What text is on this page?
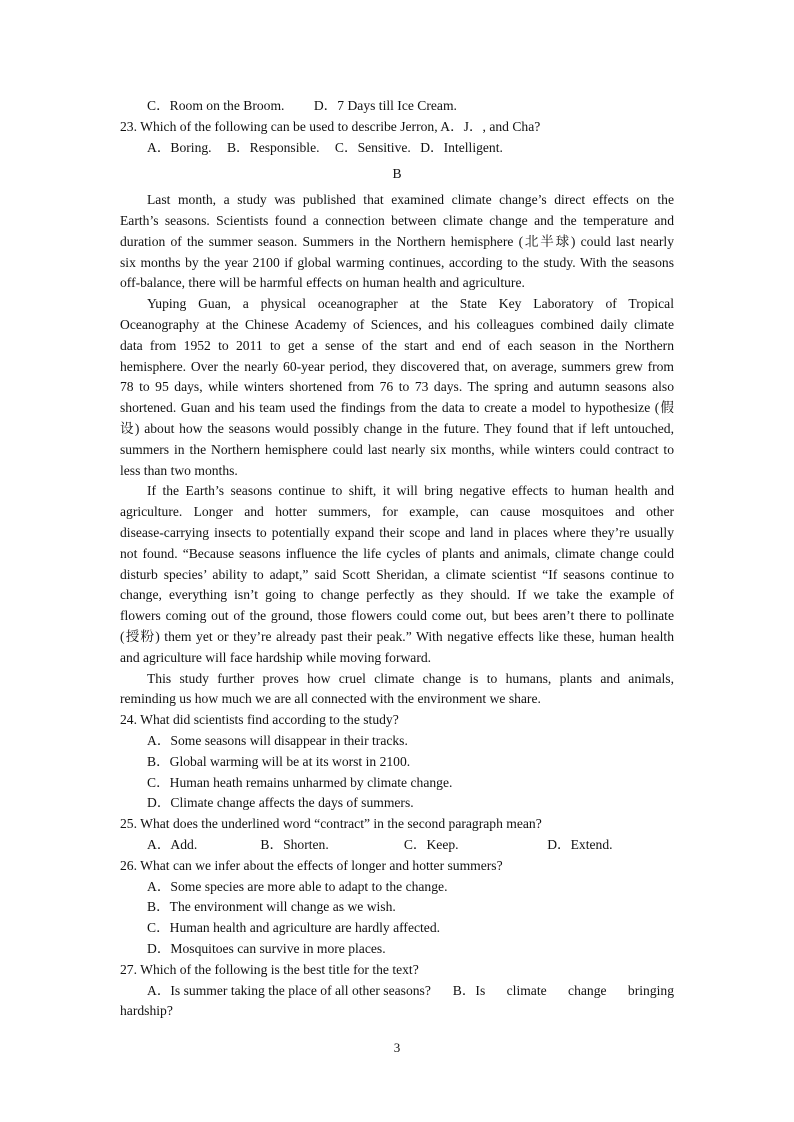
C．Room on the Broom. D．7 Days till Ice Cream.
23. Which of the following can be used to describe Jerron, A．J．, and Cha?
A．Boring. B．Responsible. C．Sensitive. D．Intelligent.
B
Last month, a study was published that examined climate change’s direct effects on the
Earth’s seasons. Scientists found a connection between climate change and the temperature and
duration of the summer season. Summers in the Northern hemisphere (北半球) could last nearly
six months by the year 2100 if global warming continues, according to the study. With the seasons
off-balance, there will be harmful effects on human health and agriculture.
Yuping Guan, a physical oceanographer at the State Key Laboratory of Tropical
Oceanography at the Chinese Academy of Sciences, and his colleagues combined daily climate
data from 1952 to 2011 to get a sense of the start and end of each season in the Northern
hemisphere. Over the nearly 60-year period, they discovered that, on average, summers grew from
78 to 95 days, while winters shortened from 76 to 73 days. The spring and autumn seasons also
shortened. Guan and his team used the findings from the data to create a model to hypothesize (假
设) about how the seasons would possibly change in the future. They found that if left untouched,
summers in the Northern hemisphere could last nearly six months, while winters could contract to
less than two months.
If the Earth’s seasons continue to shift, it will bring negative effects to human health and
agriculture. Longer and hotter summers, for example, can cause mosquitoes and other
disease-carrying insects to potentially expand their scope and land in places where they’re usually
not found. “Because seasons influence the life cycles of plants and animals, climate change could
disturb species’ ability to adapt,” said Scott Sheridan, a climate scientist “If seasons continue to
change, everything isn’t going to change perfectly as they should. If we take the example of
flowers coming out of the ground, those flowers could come out, but bees aren’t there to pollinate
(授粉) them yet or they’re already past their peak.” With negative effects like these, human health
and agriculture will face hardship while moving forward.
This study further proves how cruel climate change is to humans, plants and animals,
reminding us how much we are all connected with the environment we share.
24. What did scientists find according to the study?
A．Some seasons will disappear in their tracks.
B．Global warming will be at its worst in 2100.
C．Human heath remains unharmed by climate change.
D．Climate change affects the days of summers.
25. What does the underlined word “contract” in the second paragraph mean?
A．Add.	B．Shorten.	C．Keep.	D．Extend.
26. What can we infer about the effects of longer and hotter summers?
A．Some species are more able to adapt to the change.
B．The environment will change as we wish.
C．Human health and agriculture are hardly affected.
D．Mosquitoes can survive in more places.
27. Which of the following is the best title for the text?
A．Is summer taking the place of all other seasons? B．Is climate change bringing
hardship?
3
